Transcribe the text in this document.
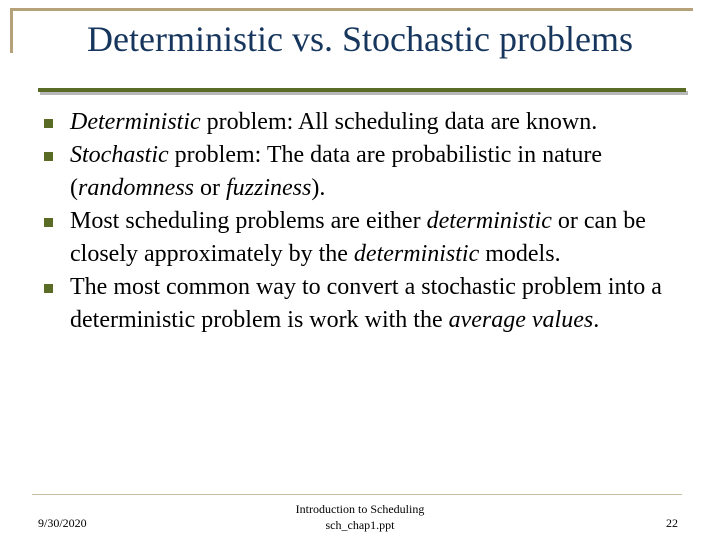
Deterministic vs. Stochastic problems
Deterministic problem: All scheduling data are known.
Stochastic problem: The data are probabilistic in nature (randomness or fuzziness).
Most scheduling problems are either deterministic or can be closely approximately by the deterministic models.
The most common way to convert a stochastic problem into a deterministic problem is work with the average values.
9/30/2020
Introduction to Scheduling
sch_chap1.ppt	22
